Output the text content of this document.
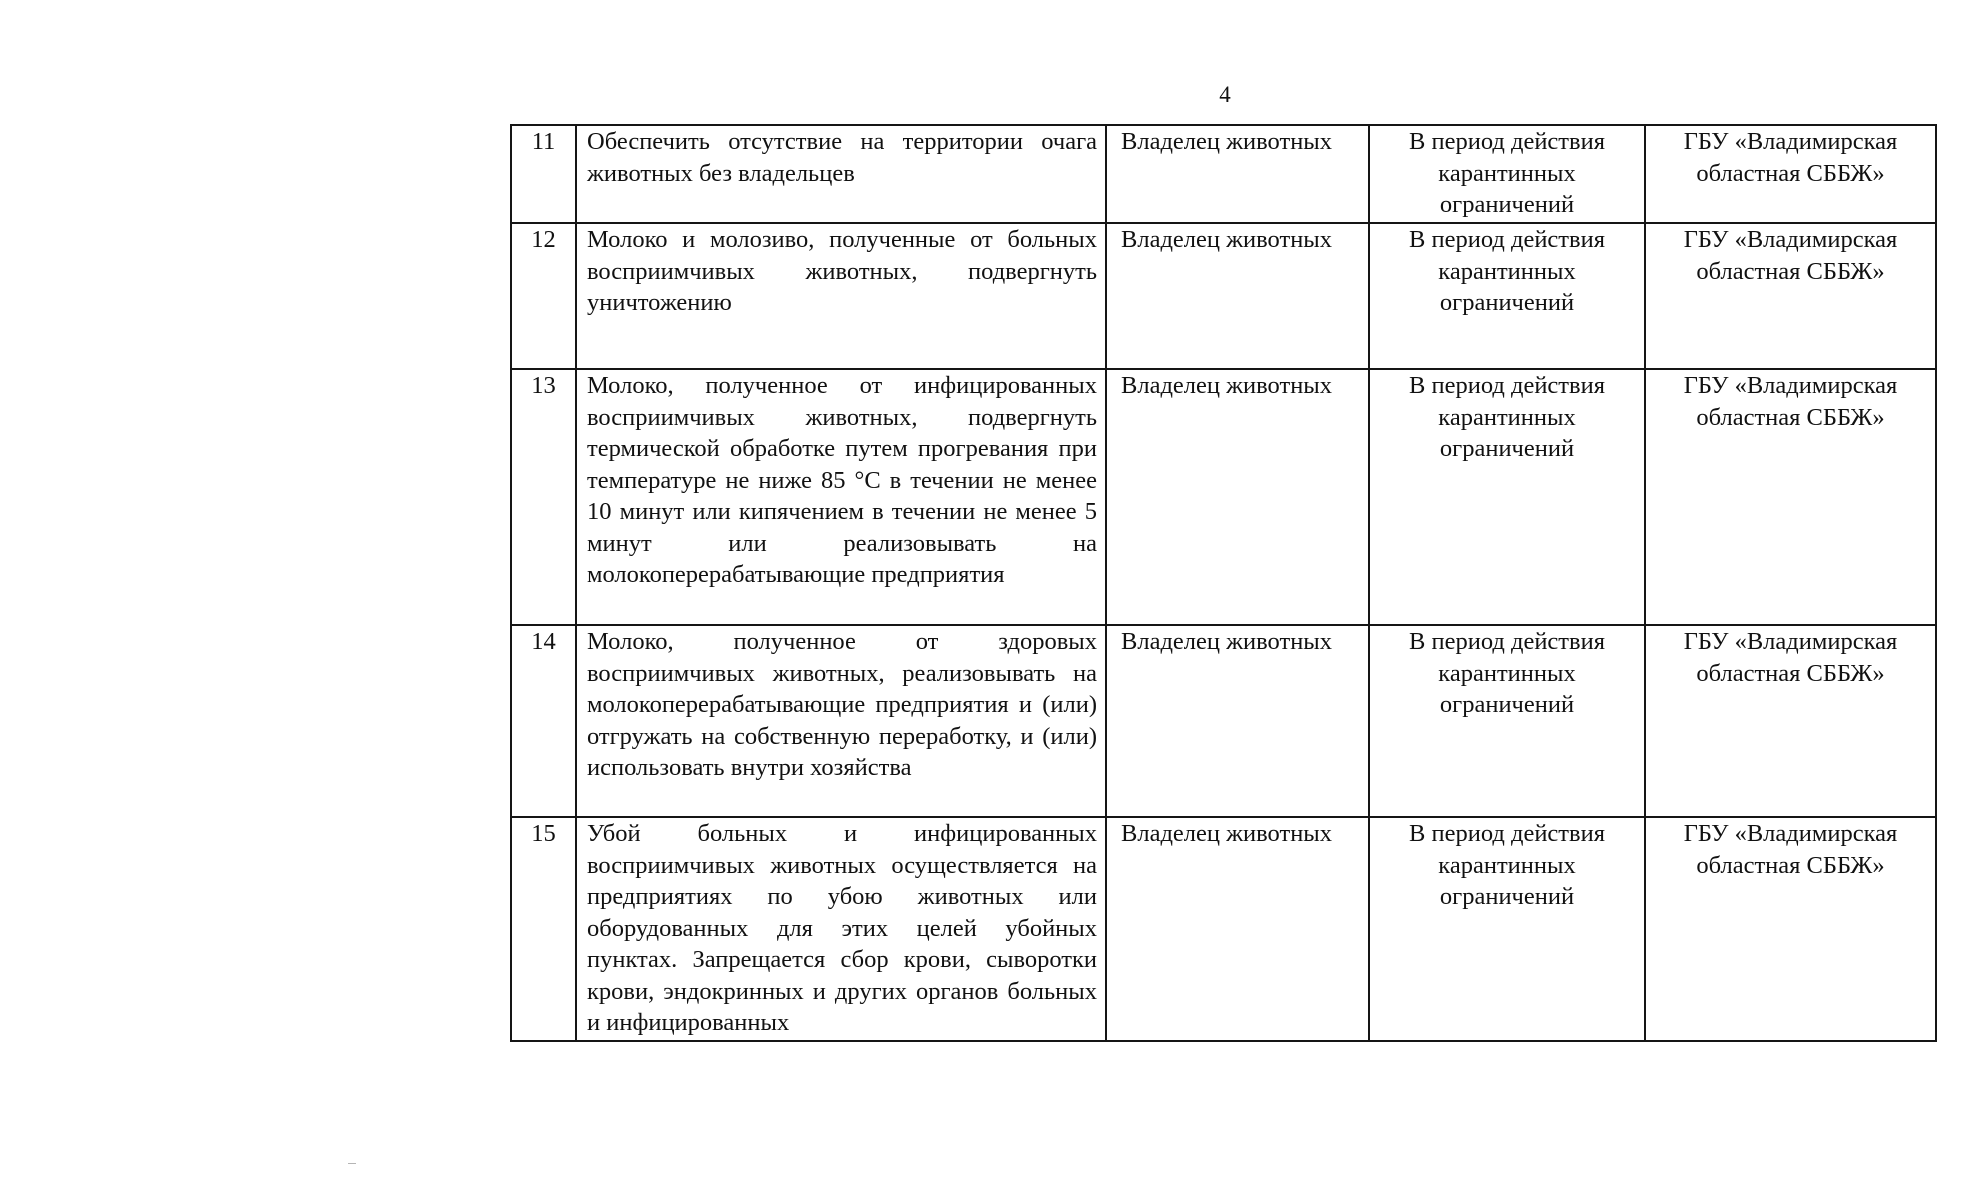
4
11	Обеспечить отсутствие на территории очага животных без владельцев	Владелец животных	В период действия карантинных ограничений	ГБУ «Владимирская областная СББЖ»
12	Молоко и молозиво, полученные от больных восприимчивых животных, подвергнуть уничтожению	Владелец животных	В период действия карантинных ограничений	ГБУ «Владимирская областная СББЖ»
13	Молоко, полученное от инфицированных восприимчивых животных, подвергнуть термической обработке путем прогревания при температуре не ниже 85 °С в течении не менее 10 минут или кипячением в течении не менее 5 минут или реализовывать на молокоперерабатывающие предприятия	Владелец животных	В период действия карантинных ограничений	ГБУ «Владимирская областная СББЖ»
14	Молоко, полученное от здоровых восприимчивых животных, реализовывать на молокоперерабатывающие предприятия и (или) отгружать на собственную переработку, и (или) использовать внутри хозяйства	Владелец животных	В период действия карантинных ограничений	ГБУ «Владимирская областная СББЖ»
15	Убой больных и инфицированных восприимчивых животных осуществляется на предприятиях по убою животных или оборудованных для этих целей убойных пунктах. Запрещается сбор крови, сыворотки крови, эндокринных и других органов больных и инфицированных	Владелец животных	В период действия карантинных ограничений	ГБУ «Владимирская областная СББЖ»
